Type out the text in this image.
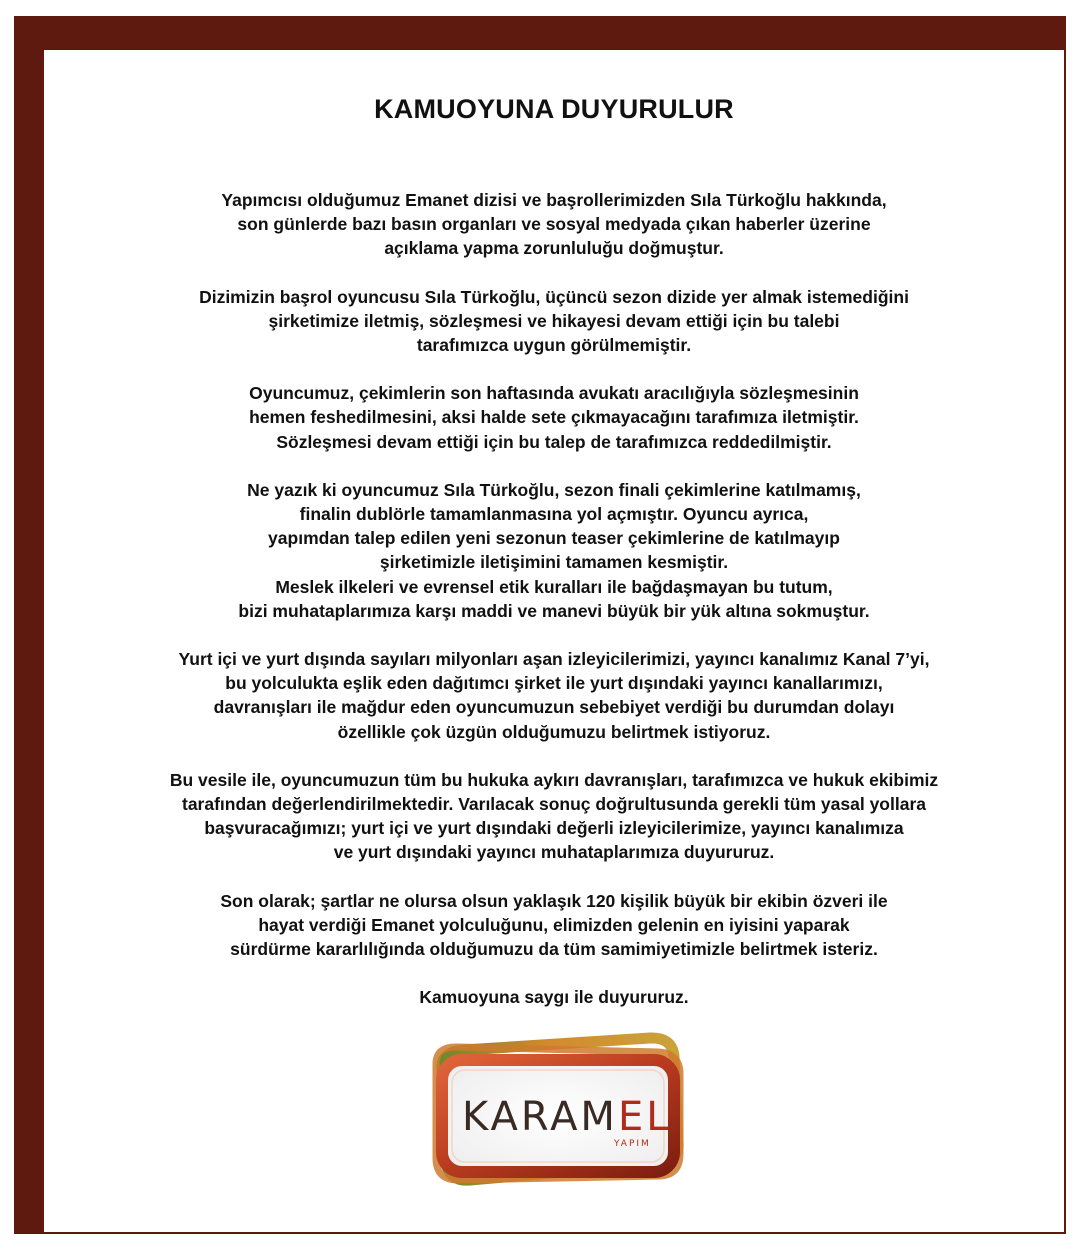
KAMUOYUNA DUYURULUR

Yapımcısı olduğumuz Emanet dizisi ve başrollerimizden Sıla Türkoğlu hakkında,
son günlerde bazı basın organları ve sosyal medyada çıkan haberler üzerine
açıklama yapma zorunluluğu doğmuştur.

Dizimizin başrol oyuncusu Sıla Türkoğlu, üçüncü sezon dizide yer almak istemediğini
şirketimize iletmiş, sözleşmesi ve hikayesi devam ettiği için bu talebi
tarafımızca uygun görülmemiştir.

Oyuncumuz, çekimlerin son haftasında avukatı aracılığıyla sözleşmesinin
hemen feshedilmesini, aksi halde sete çıkmayacağını tarafımıza iletmiştir.
Sözleşmesi devam ettiği için bu talep de tarafımızca reddedilmiştir.

Ne yazık ki oyuncumuz Sıla Türkoğlu, sezon finali çekimlerine katılmamış,
finalin dublörle tamamlanmasına yol açmıştır. Oyuncu ayrıca,
yapımdan talep edilen yeni sezonun teaser çekimlerine de katılmayıp
şirketimizle iletişimini tamamen kesmiştir.
Meslek ilkeleri ve evrensel etik kuralları ile bağdaşmayan bu tutum,
bizi muhataplarımıza karşı maddi ve manevi büyük bir yük altına sokmuştur.

Yurt içi ve yurt dışında sayıları milyonları aşan izleyicilerimizi, yayıncı kanalımız Kanal 7’yi,
bu yolculukta eşlik eden dağıtımcı şirket ile yurt dışındaki yayıncı kanallarımızı,
davranışları ile mağdur eden oyuncumuzun sebebiyet verdiği bu durumdan dolayı
özellikle çok üzgün olduğumuzu belirtmek istiyoruz.

Bu vesile ile, oyuncumuzun tüm bu hukuka aykırı davranışları, tarafımızca ve hukuk ekibimiz
tarafından değerlendirilmektedir. Varılacak sonuç doğrultusunda gerekli tüm yasal yollara
başvuracağımızı; yurt içi ve yurt dışındaki değerli izleyicilerimize, yayıncı kanalımıza
ve yurt dışındaki yayıncı muhataplarımıza duyururuz.

Son olarak; şartlar ne olursa olsun yaklaşık 120 kişilik büyük bir ekibin özveri ile
hayat verdiği Emanet yolculuğunu, elimizden gelenin en iyisini yaparak
sürdürme kararlılığında olduğumuzu da tüm samimiyetimizle belirtmek isteriz.

Kamuoyuna saygı ile duyururuz.

KARAMEL
YAPIM
